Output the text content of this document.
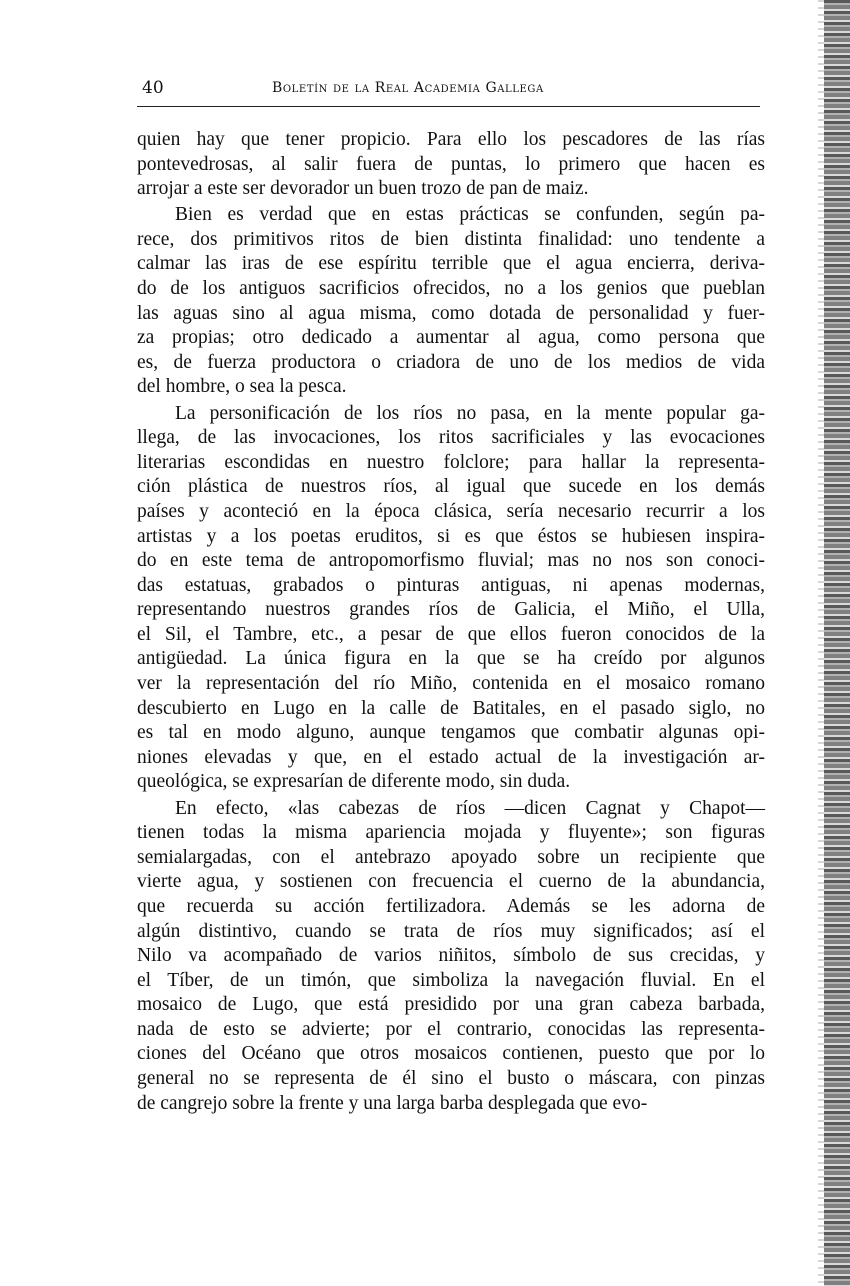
40	Boletín de la Real Academia Gallega
quien hay que tener propicio. Para ello los pescadores de las rías
pontevedrosas, al salir fuera de puntas, lo primero que hacen es
arrojar a este ser devorador un buen trozo de pan de maiz.
Bien es verdad que en estas prácticas se confunden, según pa-
rece, dos primitivos ritos de bien distinta finalidad: uno tendente a
calmar las iras de ese espíritu terrible que el agua encierra, deriva-
do de los antiguos sacrificios ofrecidos, no a los genios que pueblan
las aguas sino al agua misma, como dotada de personalidad y fuer-
za propias; otro dedicado a aumentar al agua, como persona que
es, de fuerza productora o criadora de uno de los medios de vida
del hombre, o sea la pesca.
La personificación de los ríos no pasa, en la mente popular ga-
llega, de las invocaciones, los ritos sacrificiales y las evocaciones
literarias escondidas en nuestro folclore; para hallar la representa-
ción plástica de nuestros ríos, al igual que sucede en los demás
países y aconteció en la época clásica, sería necesario recurrir a los
artistas y a los poetas eruditos, si es que éstos se hubiesen inspira-
do en este tema de antropomorfismo fluvial; mas no nos son conoci-
das estatuas, grabados o pinturas antiguas, ni apenas modernas,
representando nuestros grandes ríos de Galicia, el Miño, el Ulla,
el Sil, el Tambre, etc., a pesar de que ellos fueron conocidos de la
antigüedad. La única figura en la que se ha creído por algunos
ver la representación del río Miño, contenida en el mosaico romano
descubierto en Lugo en la calle de Batitales, en el pasado siglo, no
es tal en modo alguno, aunque tengamos que combatir algunas opi-
niones elevadas y que, en el estado actual de la investigación ar-
queológica, se expresarían de diferente modo, sin duda.
En efecto, «las cabezas de ríos —dicen Cagnat y Chapot—
tienen todas la misma apariencia mojada y fluyente»; son figuras
semialargadas, con el antebrazo apoyado sobre un recipiente que
vierte agua, y sostienen con frecuencia el cuerno de la abundancia,
que recuerda su acción fertilizadora. Además se les adorna de
algún distintivo, cuando se trata de ríos muy significados; así el
Nilo va acompañado de varios niñitos, símbolo de sus crecidas, y
el Tíber, de un timón, que simboliza la navegación fluvial. En el
mosaico de Lugo, que está presidido por una gran cabeza barbada,
nada de esto se advierte; por el contrario, conocidas las representa-
ciones del Océano que otros mosaicos contienen, puesto que por lo
general no se representa de él sino el busto o máscara, con pinzas
de cangrejo sobre la frente y una larga barba desplegada que evo-
